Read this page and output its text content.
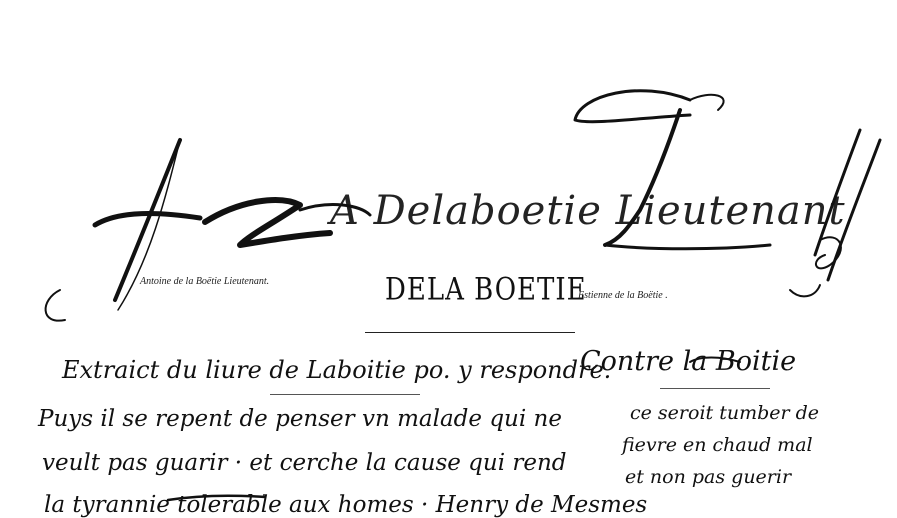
A Delaboetie Lieutenant
Antoine de la Boëtie Lieutenant.	DELA BOETIE
Estienne de la Boëtie .
Extraict du liure de Laboitie po. y respondre.
Contre la Boitie
Puys il se repent de penser vn malade qui ne
veult pas guarir · et cerche la cause qui rend
la tyrannie tolerable aux homes · Henry de Mesmes
ce seroit tumber de
fievre en chaud mal
et non pas guerir
